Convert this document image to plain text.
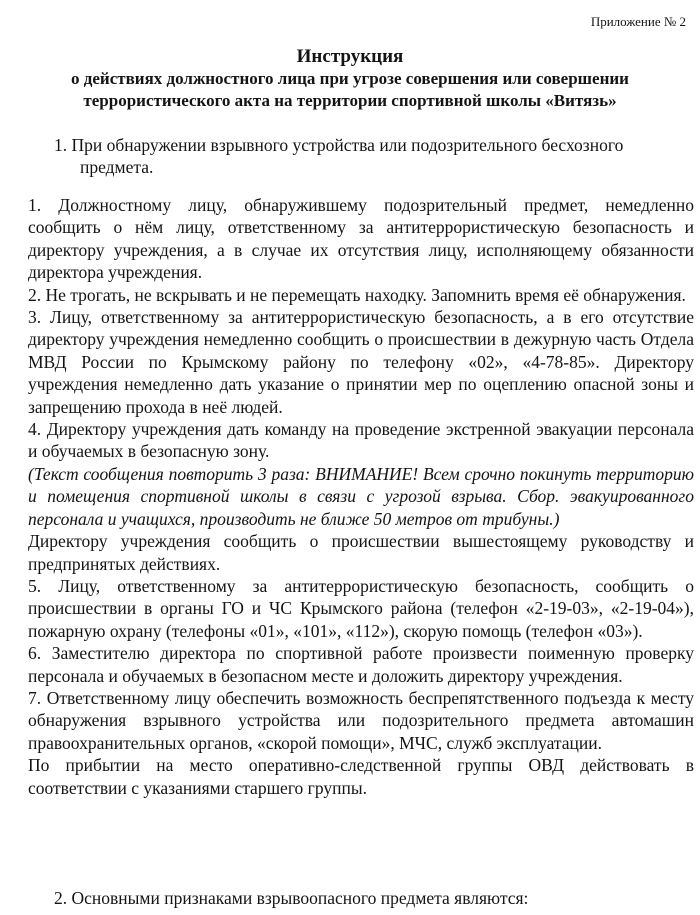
Приложение № 2

Инструкция
о действиях должностного лица при угрозе совершения или совершении
террористического акта на территории спортивной школы «Витязь»

1. При обнаружении взрывного устройства или подозрительного бесхозного предмета.

1. Должностному лицу, обнаружившему подозрительный предмет, немедленно сообщить о нём лицу, ответственному за антитеррористическую безопасность и директору учреждения, а в случае их отсутствия лицу, исполняющему обязанности директора учреждения.

2. Не трогать, не вскрывать и не перемещать находку. Запомнить время её обнаружения.

3. Лицу, ответственному за антитеррористическую безопасность, а в его отсутствие директору учреждения немедленно сообщить о происшествии в дежурную часть Отдела МВД России по Крымскому району по телефону «02», «4-78-85». Директору учреждения немедленно дать указание о принятии мер по оцеплению опасной зоны и запрещению прохода в неё людей.

4. Директору учреждения дать команду на проведение экстренной эвакуации персонала и обучаемых в безопасную зону.

(Текст сообщения повторить 3 раза: ВНИМАНИЕ! Всем срочно покинуть территорию и помещения спортивной школы в связи с угрозой взрыва. Сбор. эвакуированного персонала и учащихся, производить не ближе 50 метров от трибуны.)

Директору учреждения сообщить о происшествии вышестоящему руководству и предпринятых действиях.

5. Лицу, ответственному за антитеррористическую безопасность, сообщить о происшествии в органы ГО и ЧС Крымского района (телефон «2-19-03», «2-19-04»), пожарную охрану (телефоны «01», «101», «112»), скорую помощь (телефон «03»).

6. Заместителю директора по спортивной работе произвести поименную проверку персонала и обучаемых в безопасном месте и доложить директору учреждения.

7. Ответственному лицу обеспечить возможность беспрепятственного подъезда к месту обнаружения взрывного устройства или подозрительного предмета автомашин правоохранительных органов, «скорой помощи», МЧС, служб эксплуатации.

По прибытии на место оперативно-следственной группы ОВД действовать в соответствии с указаниями старшего группы.

2. Основными признаками взрывоопасного предмета являются:
